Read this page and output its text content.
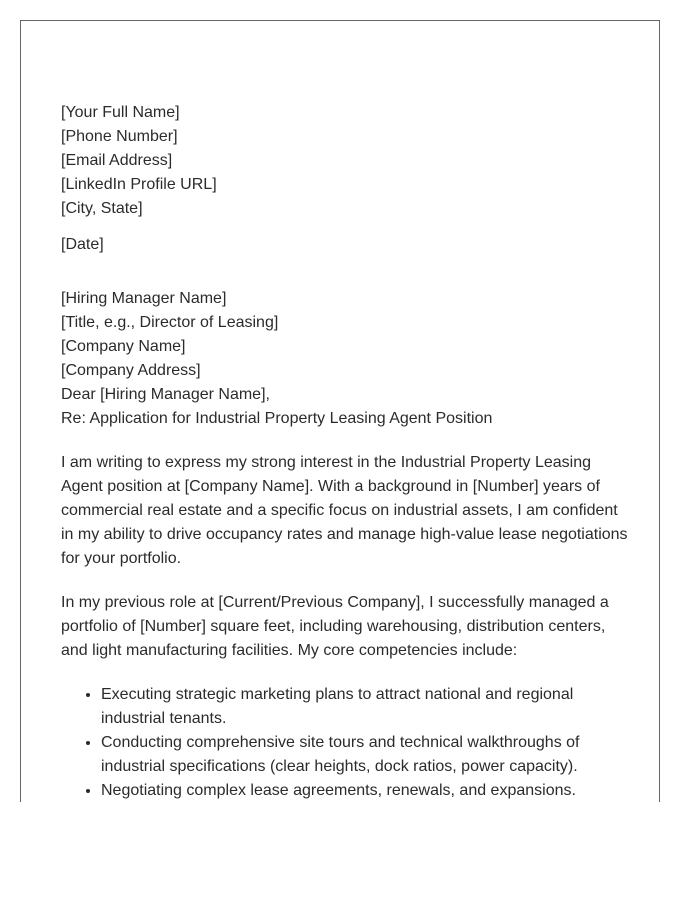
[Your Full Name]
[Phone Number]
[Email Address]
[LinkedIn Profile URL]
[City, State]
[Date]
[Hiring Manager Name]
[Title, e.g., Director of Leasing]
[Company Name]
[Company Address]
Dear [Hiring Manager Name],
Re: Application for Industrial Property Leasing Agent Position

I am writing to express my strong interest in the Industrial Property Leasing Agent position at [Company Name]. With a background in [Number] years of commercial real estate and a specific focus on industrial assets, I am confident in my ability to drive occupancy rates and manage high-value lease negotiations for your portfolio.

In my previous role at [Current/Previous Company], I successfully managed a portfolio of [Number] square feet, including warehousing, distribution centers, and light manufacturing facilities. My core competencies include:

• Executing strategic marketing plans to attract national and regional industrial tenants.
• Conducting comprehensive site tours and technical walkthroughs of industrial specifications (clear heights, dock ratios, power capacity).
• Negotiating complex lease agreements, renewals, and expansions.
